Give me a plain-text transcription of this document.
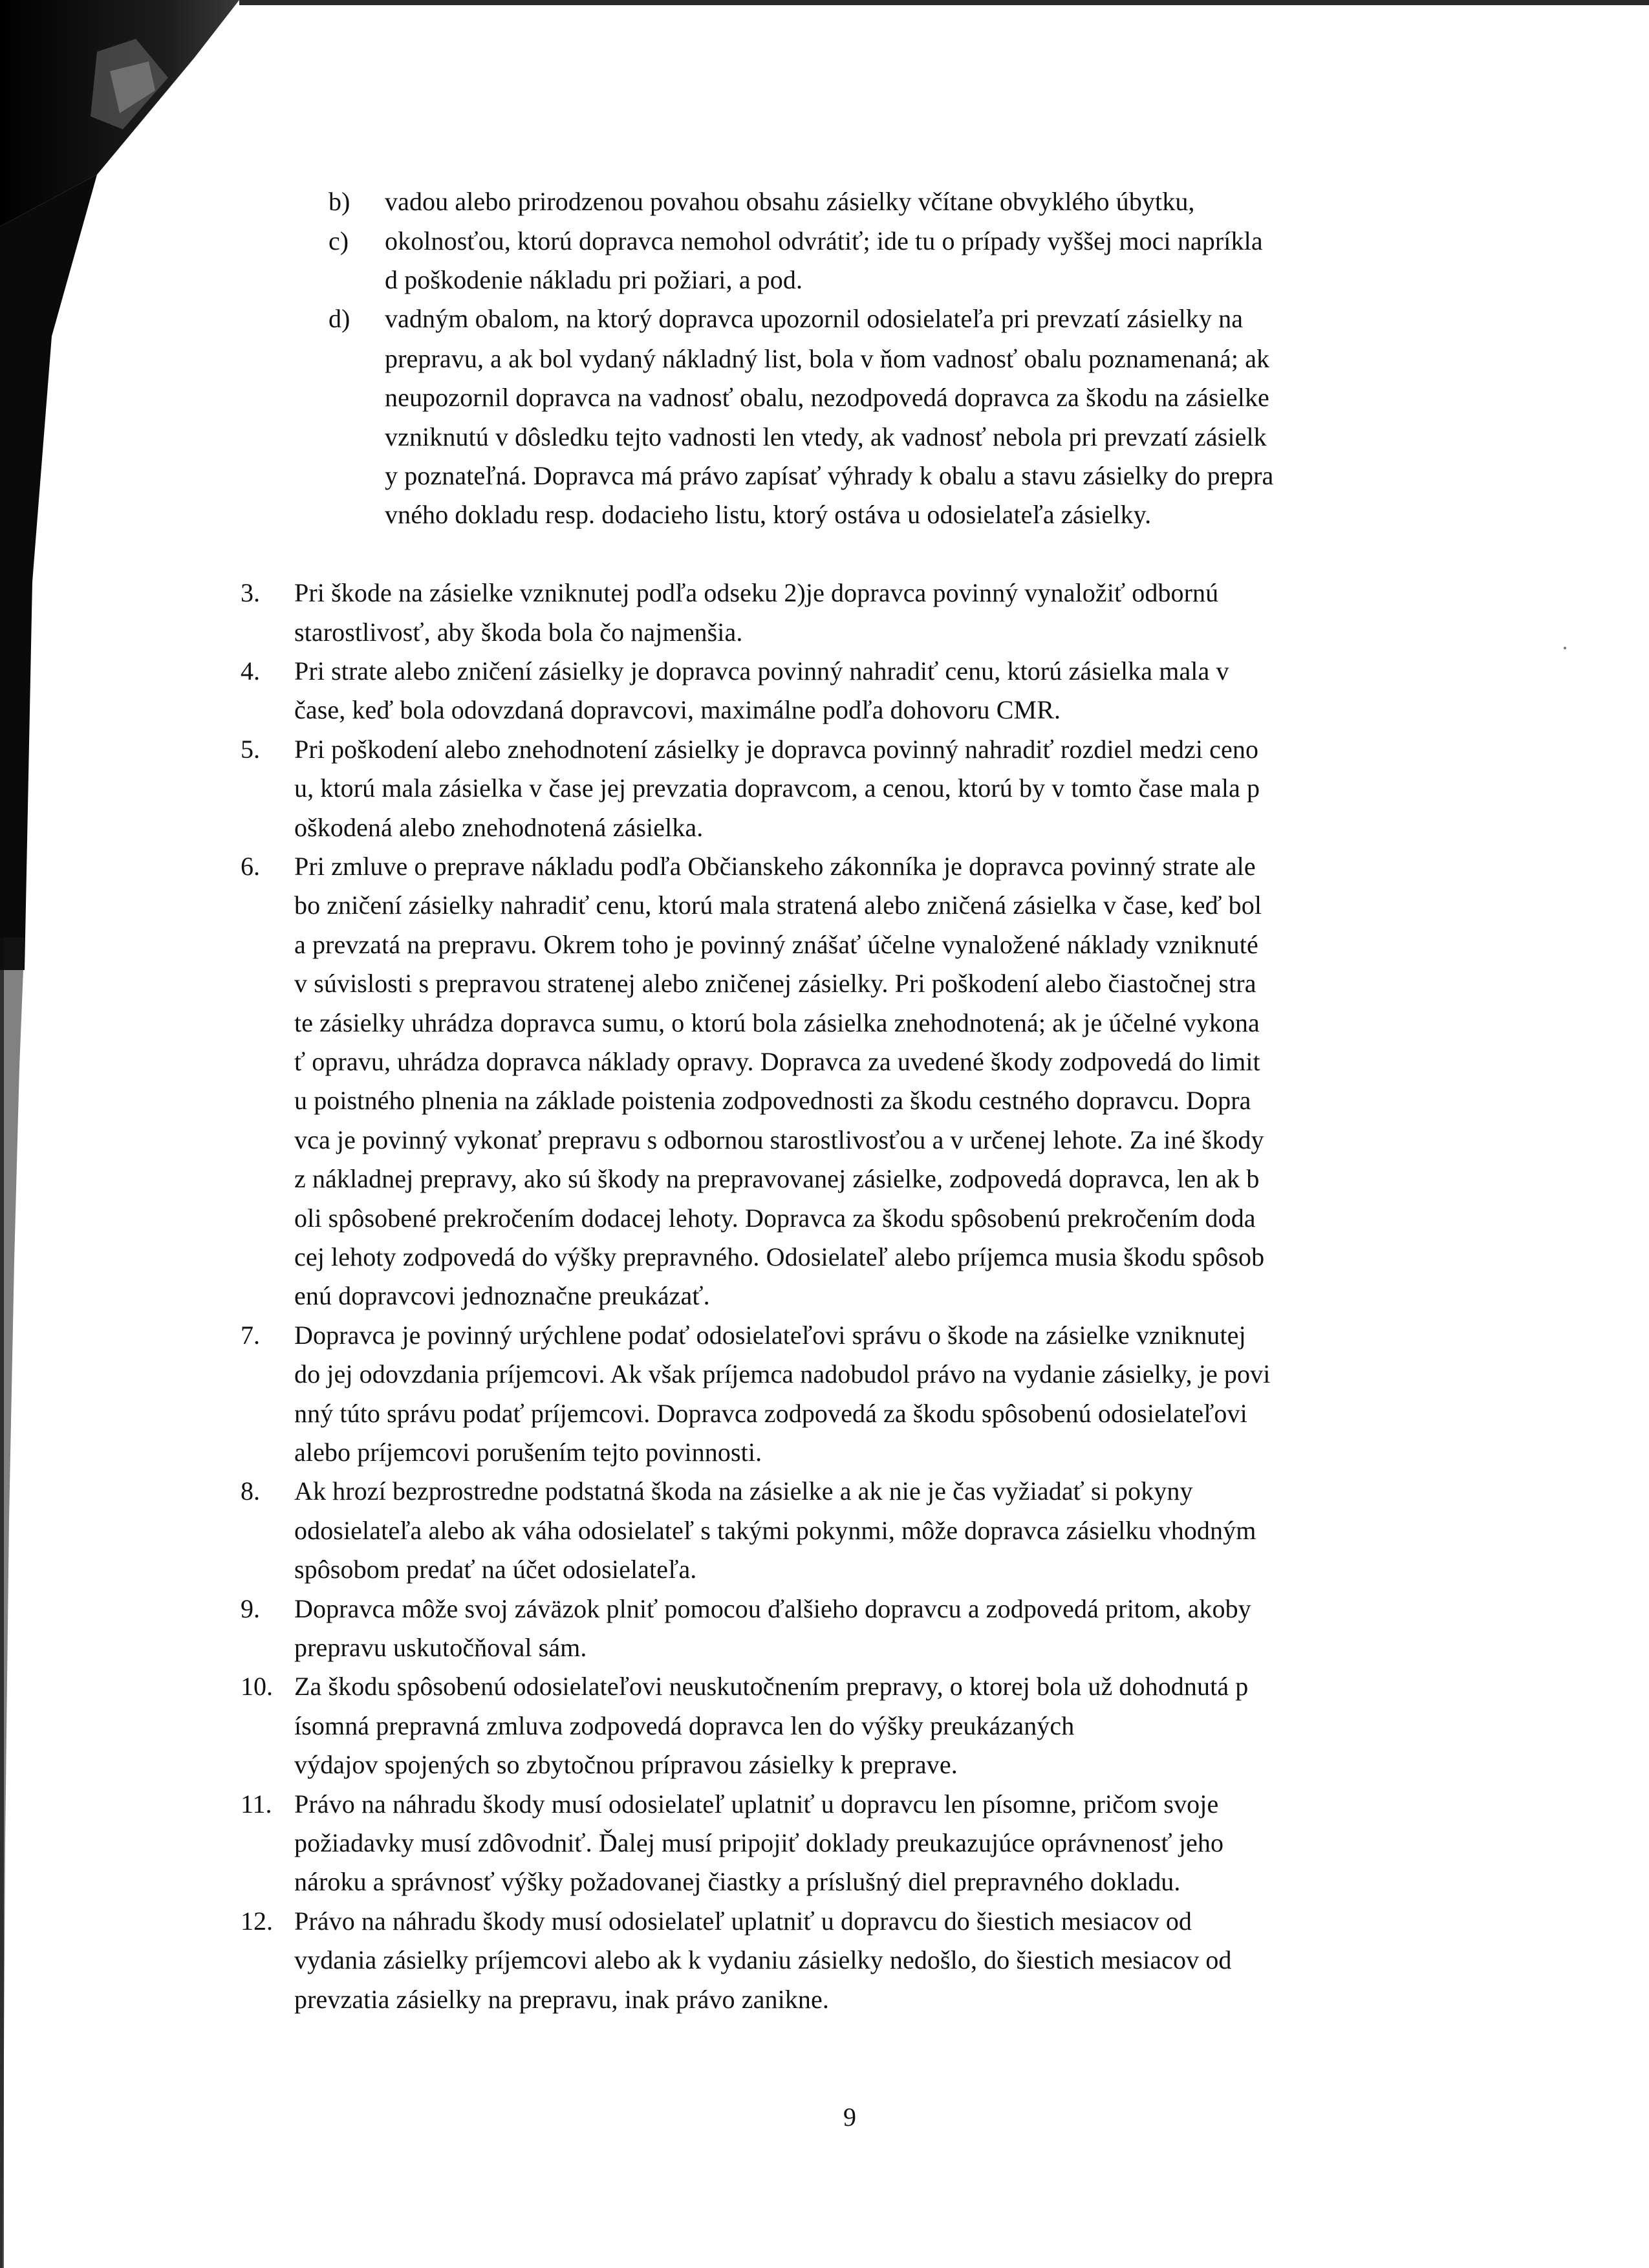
b) vadou alebo prirodzenou povahou obsahu zásielky včítane obvyklého úbytku,
c) okolnosťou, ktorú dopravca nemohol odvrátiť; ide tu o prípady vyššej moci napríkla
d poškodenie nákladu pri požiari, a pod.
d) vadným obalom, na ktorý dopravca upozornil odosielateľa pri prevzatí zásielky na
prepravu, a ak bol vydaný nákladný list, bola v ňom vadnosť obalu poznamenaná; ak
neupozornil dopravca na vadnosť obalu, nezodpovedá dopravca za škodu na zásielke
vzniknutú v dôsledku tejto vadnosti len vtedy, ak vadnosť nebola pri prevzatí zásielk
y poznateľná. Dopravca má právo zapísať výhrady k obalu a stavu zásielky do prepra
vného dokladu resp. dodacieho listu, ktorý ostáva u odosielateľa zásielky.
3. Pri škode na zásielke vzniknutej podľa odseku 2)je dopravca povinný vynaložiť odbornú
starostlivosť, aby škoda bola čo najmenšia.
4. Pri strate alebo zničení zásielky je dopravca povinný nahradiť cenu, ktorú zásielka mala v
čase, keď bola odovzdaná dopravcovi, maximálne podľa dohovoru CMR.
5. Pri poškodení alebo znehodnotení zásielky je dopravca povinný nahradiť rozdiel medzi ceno
u, ktorú mala zásielka v čase jej prevzatia dopravcom, a cenou, ktorú by v tomto čase mala p
oškodená alebo znehodnotená zásielka.
6. Pri zmluve o preprave nákladu podľa Občianskeho zákonníka je dopravca povinný strate ale
bo zničení zásielky nahradiť cenu, ktorú mala stratená alebo zničená zásielka v čase, keď bol
a prevzatá na prepravu. Okrem toho je povinný znášať účelne vynaložené náklady vzniknuté
v súvislosti s prepravou stratenej alebo zničenej zásielky. Pri poškodení alebo čiastočnej stra
te zásielky uhrádza dopravca sumu, o ktorú bola zásielka znehodnotená; ak je účelné vykona
ť opravu, uhrádza dopravca náklady opravy. Dopravca za uvedené škody zodpovedá do limit
u poistného plnenia na základe poistenia zodpovednosti za škodu cestného dopravcu. Dopra
vca je povinný vykonať prepravu s odbornou starostlivosťou a v určenej lehote. Za iné škody
z nákladnej prepravy, ako sú škody na prepravovanej zásielke, zodpovedá dopravca, len ak b
oli spôsobené prekročením dodacej lehoty. Dopravca za škodu spôsobenú prekročením doda
cej lehoty zodpovedá do výšky prepravného. Odosielateľ alebo príjemca musia škodu spôsob
enú dopravcovi jednoznačne preukázať.
7. Dopravca je povinný urýchlene podať odosielateľovi správu o škode na zásielke vzniknutej
do jej odovzdania príjemcovi. Ak však príjemca nadobudol právo na vydanie zásielky, je povi
nný túto správu podať príjemcovi. Dopravca zodpovedá za škodu spôsobenú odosielateľovi
alebo príjemcovi porušením tejto povinnosti.
8. Ak hrozí bezprostredne podstatná škoda na zásielke a ak nie je čas vyžiadať si pokyny
odosielateľa alebo ak váha odosielateľ s takými pokynmi, môže dopravca zásielku vhodným
spôsobom predať na účet odosielateľa.
9. Dopravca môže svoj záväzok plniť pomocou ďalšieho dopravcu a zodpovedá pritom, akoby
prepravu uskutočňoval sám.
10. Za škodu spôsobenú odosielateľovi neuskutočnením prepravy, o ktorej bola už dohodnutá p
ísomná prepravná zmluva zodpovedá dopravca len do výšky preukázaných
výdajov spojených so zbytočnou prípravou zásielky k preprave.
11. Právo na náhradu škody musí odosielateľ uplatniť u dopravcu len písomne, pričom svoje
požiadavky musí zdôvodniť. Ďalej musí pripojiť doklady preukazujúce oprávnenosť jeho
nároku a správnosť výšky požadovanej čiastky a príslušný diel prepravného dokladu.
12. Právo na náhradu škody musí odosielateľ uplatniť u dopravcu do šiestich mesiacov od
vydania zásielky príjemcovi alebo ak k vydaniu zásielky nedošlo, do šiestich mesiacov od
prevzatia zásielky na prepravu, inak právo zanikne.
9
